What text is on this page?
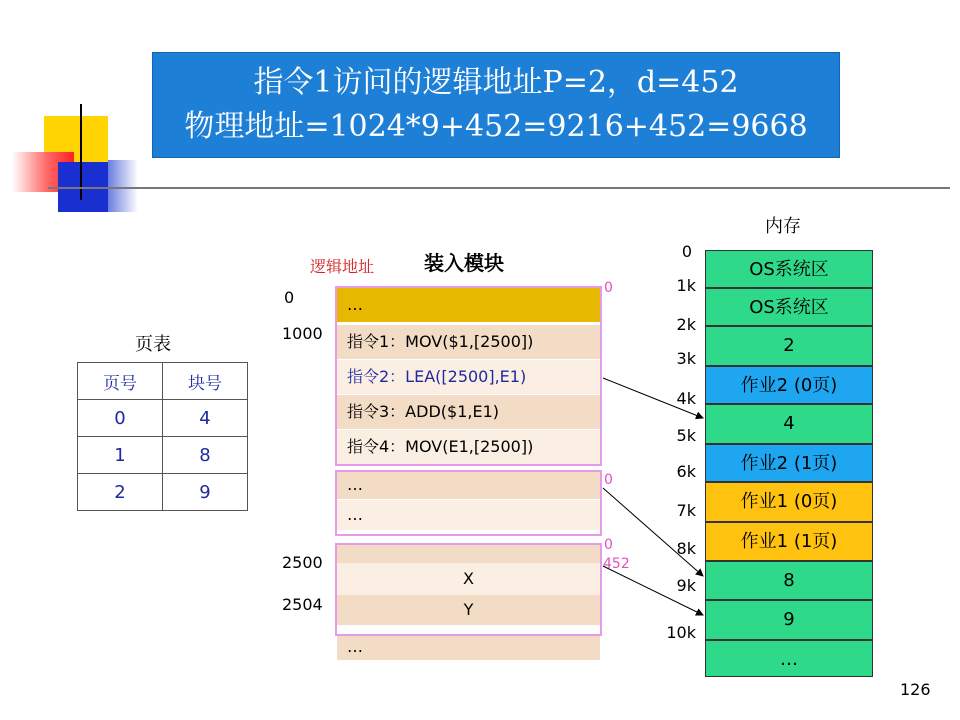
指令1访问的逻辑地址P=2，d=452
物理地址=1024*9+452=9216+452=9668
页表
页号	块号
0	4
1	8
2	9
逻辑地址 装入模块
0
1000
2500
2504
…
指令1：MOV($1,[2500])
指令2：LEA([2500],E1)
指令3：ADD($1,E1)
指令4：MOV(E1,[2500])
…
…
X
Y
…
0
0
0
452
内存
0
1k
2k
3k
4k
5k
6k
7k
8k
9k
10k
OS系统区
OS系统区
2
作业2 (0页)
4
作业2 (1页)
作业1 (0页)
作业1 (1页)
8
9
…
126
